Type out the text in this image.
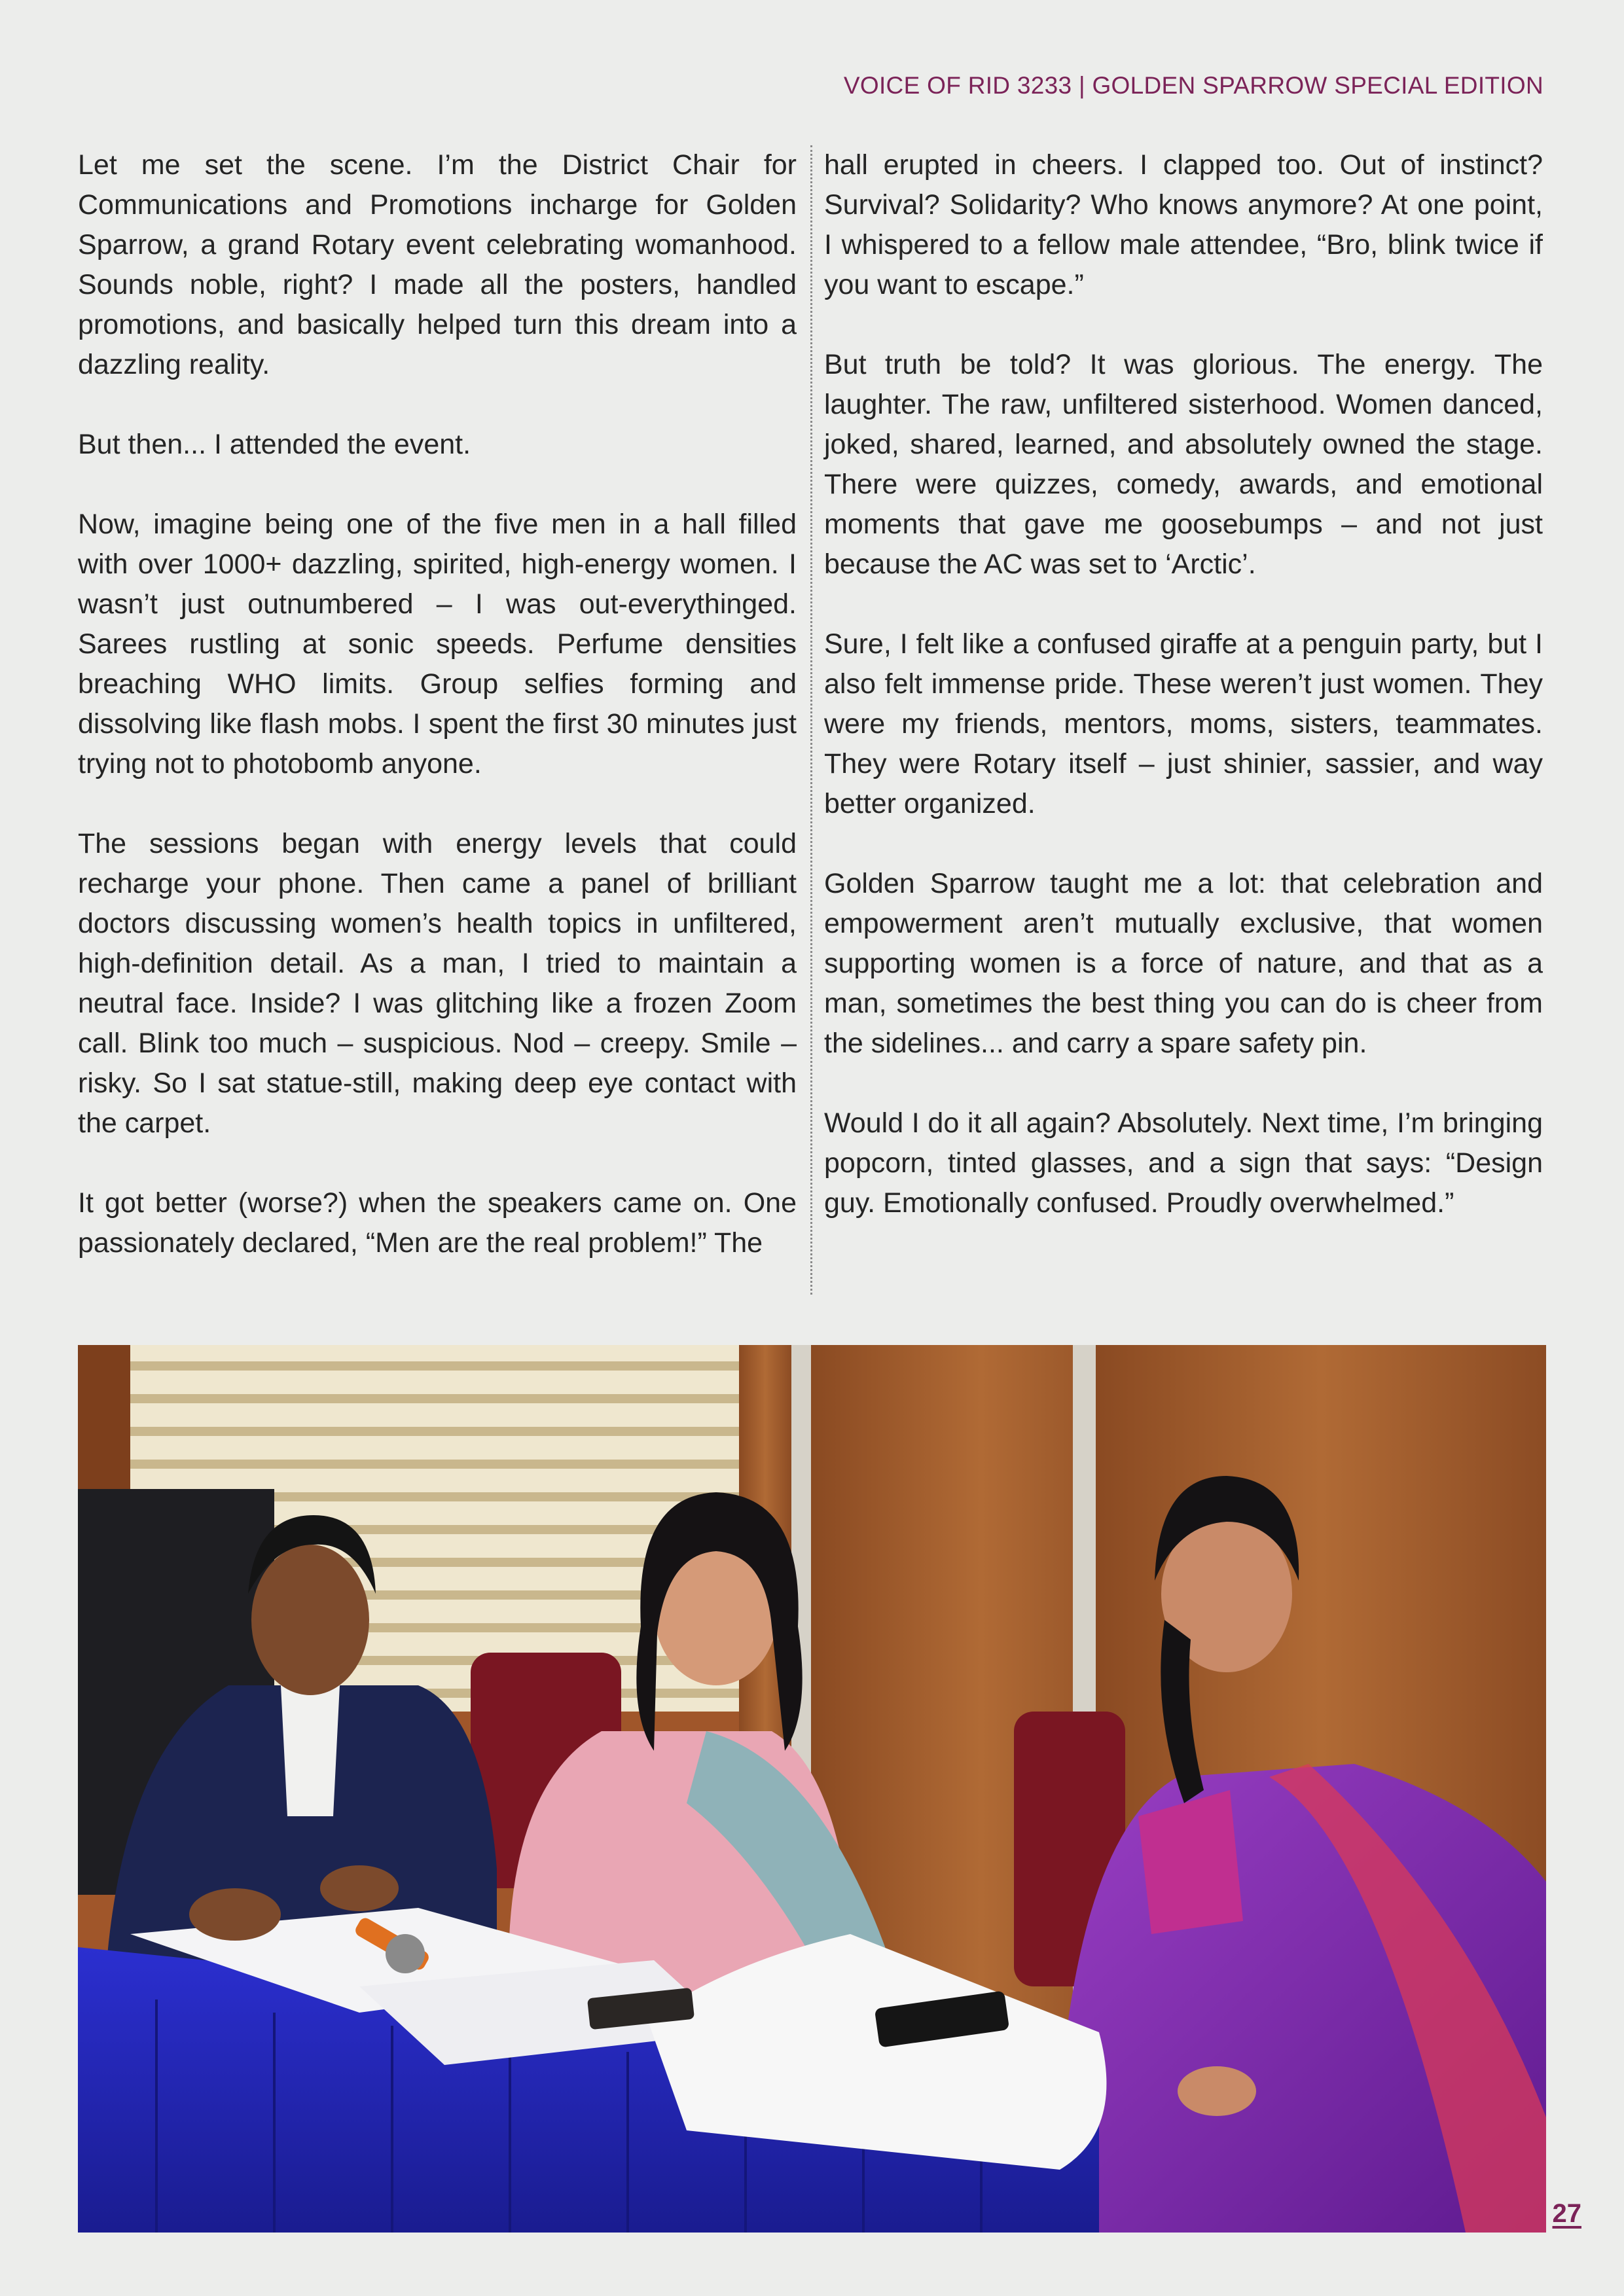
VOICE OF RID 3233 | GOLDEN SPARROW SPECIAL EDITION

Let me set the scene. I’m the District Chair for Communications and Promotions incharge for Golden Sparrow, a grand Rotary event celebrating womanhood. Sounds noble, right? I made all the posters, handled promotions, and basically helped turn this dream into a dazzling reality.

But then... I attended the event.

Now, imagine being one of the five men in a hall filled with over 1000+ dazzling, spirited, high-energy women. I wasn’t just outnumbered – I was out-everythinged. Sarees rustling at sonic speeds. Perfume densities breaching WHO limits. Group selfies forming and dissolving like flash mobs. I spent the first 30 minutes just trying not to photobomb anyone.

The sessions began with energy levels that could recharge your phone. Then came a panel of brilliant doctors discussing women’s health topics in unfiltered, high-definition detail. As a man, I tried to maintain a neutral face. Inside? I was glitching like a frozen Zoom call. Blink too much – suspicious. Nod – creepy. Smile – risky. So I sat statue-still, making deep eye contact with the carpet.

It got better (worse?) when the speakers came on. One passionately declared, “Men are the real problem!” The

hall erupted in cheers. I clapped too. Out of instinct? Survival? Solidarity? Who knows anymore? At one point, I whispered to a fellow male attendee, “Bro, blink twice if you want to escape.”

But truth be told? It was glorious. The energy. The laughter. The raw, unfiltered sisterhood. Women danced, joked, shared, learned, and absolutely owned the stage. There were quizzes, comedy, awards, and emotional moments that gave me goosebumps – and not just because the AC was set to ‘Arctic’.

Sure, I felt like a confused giraffe at a penguin party, but I also felt immense pride. These weren’t just women. They were my friends, mentors, moms, sisters, teammates. They were Rotary itself – just shinier, sassier, and way better organized.

Golden Sparrow taught me a lot: that celebration and empowerment aren’t mutually exclusive, that women supporting women is a force of nature, and that as a man, sometimes the best thing you can do is cheer from the sidelines... and carry a spare safety pin.

Would I do it all again? Absolutely. Next time, I’m bringing popcorn, tinted glasses, and a sign that says: “Design guy. Emotionally confused. Proudly overwhelmed.”

27
